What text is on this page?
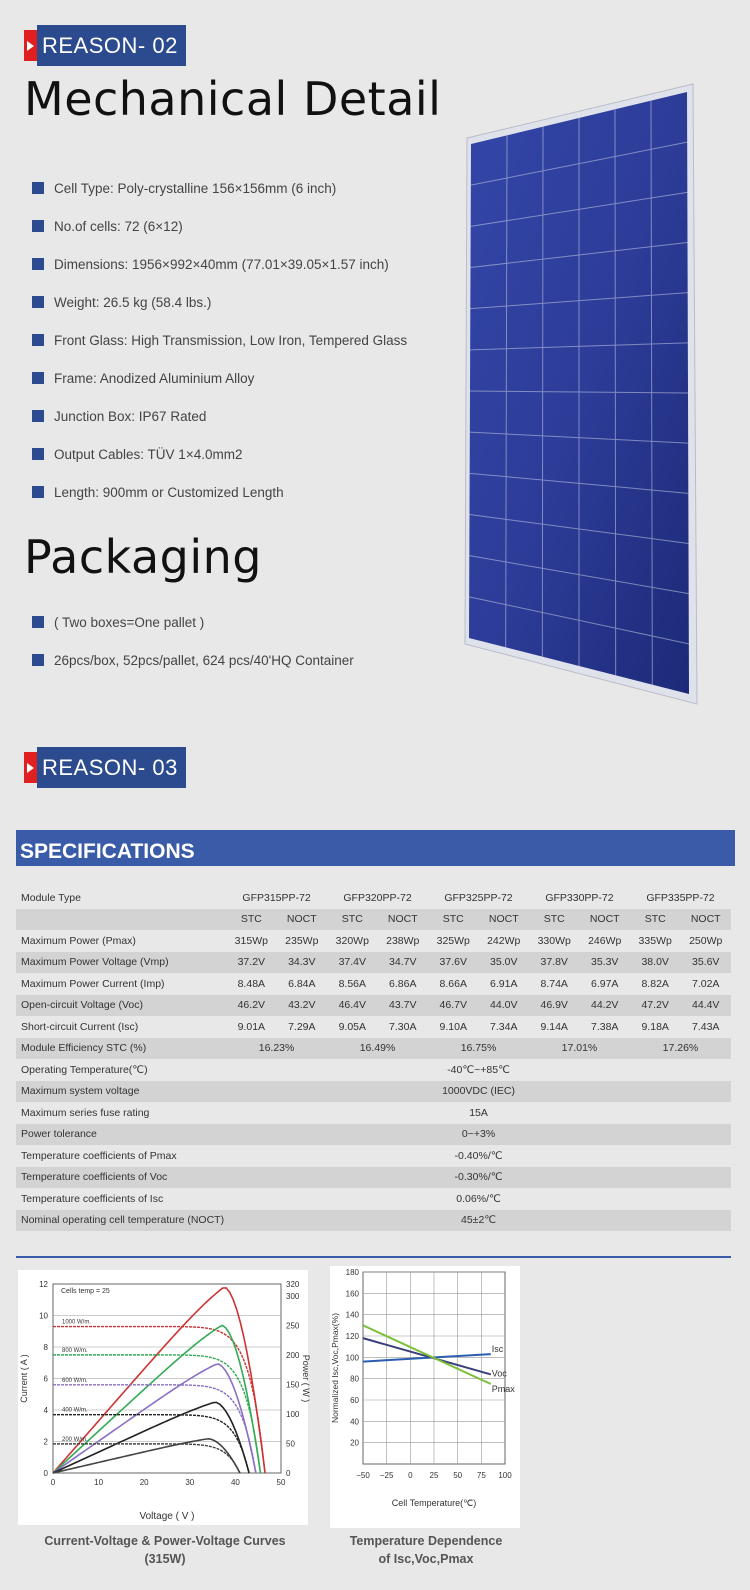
REASON- 02
Mechanical Detail
Cell Type: Poly-crystalline 156×156mm (6 inch)
No.of cells: 72 (6×12)
Dimensions: 1956×992×40mm (77.01×39.05×1.57 inch)
Weight: 26.5 kg (58.4 lbs.)
Front Glass: High Transmission, Low Iron, Tempered Glass
Frame: Anodized Aluminium Alloy
Junction Box: IP67 Rated
Output Cables: TÜV 1×4.0mm2
Length: 900mm or Customized Length
Packaging
( Two boxes=One pallet )
26pcs/box, 52pcs/pallet, 624 pcs/40'HQ Container
REASON- 03
SPECIFICATIONS
Module Type	GFP315PP-72		GFP320PP-72		GFP325PP-72		GFP330PP-72		GFP335PP-72	
	STC	NOCT	STC	NOCT	STC	NOCT	STC	NOCT	STC	NOCT
Maximum Power (Pmax)	315Wp	235Wp	320Wp	238Wp	325Wp	242Wp	330Wp	246Wp	335Wp	250Wp
Maximum Power Voltage (Vmp)	37.2V	34.3V	37.4V	34.7V	37.6V	35.0V	37.8V	35.3V	38.0V	35.6V
Maximum Power Current (Imp)	8.48A	6.84A	8.56A	6.86A	8.66A	6.91A	8.74A	6.97A	8.82A	7.02A
Open-circuit Voltage (Voc)	46.2V	43.2V	46.4V	43.7V	46.7V	44.0V	46.9V	44.2V	47.2V	44.4V
Short-circuit Current (Isc)	9.01A	7.29A	9.05A	7.30A	9.10A	7.34A	9.14A	7.38A	9.18A	7.43A
Module Efficiency STC (%)	16.23%		16.49%		16.75%		17.01%		17.26%	
Operating Temperature(℃)	-40℃~+85℃									
Maximum system voltage	1000VDC (IEC)									
Maximum series fuse rating	15A									
Power tolerance	0~+3%									
Temperature coefficients of Pmax	-0.40%/℃									
Temperature coefficients of Voc	-0.30%/℃									
Temperature coefficients of Isc	0.06%/℃									
Nominal operating cell temperature (NOCT)	45±2℃									
0
2
4
6
8
10
12
0
50
100
150
200
250
300
320
0	10	20	30	40	50
Cells temp = 25
Voltage ( V )
Current ( A )	Power ( W )
1000 W/m.
800 W/m.
600 W/m.
400 W/m.
200 W/m.
Current-Voltage & Power-Voltage Curves (315W)
20
40
60
80
100
120
140
160
180
−50 −25 0 25 50 75 100
Cell Temperature(℃)
Normalized Isc,Voc,Pmax(%)	Isc
Voc
Pmax
Temperature Dependence of Isc,Voc,Pmax
